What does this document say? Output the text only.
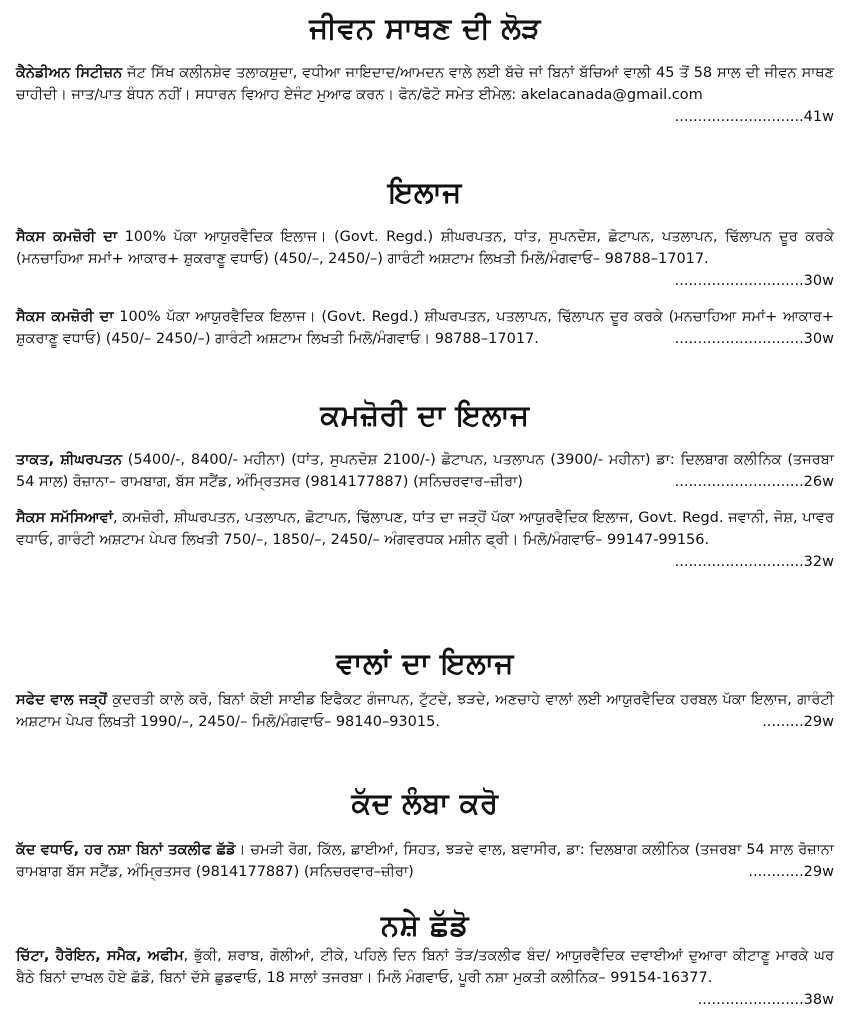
ਜੀਵਨ ਸਾਥਣ ਦੀ ਲੋੜ

ਕੈਨੇਡੀਅਨ ਸਿਟੀਜ਼ਨ ਜੱਟ ਸਿੱਖ ਕਲੀਨਸ਼ੇਵ ਤਲਾਕਸ਼ੁਦਾ, ਵਧੀਆ ਜਾਇਦਾਦ/ਆਮਦਨ ਵਾਲੇ ਲਈ ਬੱਚੇ ਜਾਂ ਬਿਨਾਂ ਬੱਚਿਆਂ ਵਾਲੀ 45 ਤੋਂ 58 ਸਾਲ ਦੀ ਜੀਵਨ ਸਾਥਣ ਚਾਹੀਦੀ। ਜਾਤ/ਪਾਤ ਬੰਧਨ ਨਹੀਂ। ਸਧਾਰਨ ਵਿਆਹ ਏਜੰਟ ਮੁਆਫ ਕਰਨ। ਫੋਨ/ਫੋਟੋ ਸਮੇਤ ਈਮੇਲ: akelacanada@gmail.com
............................41w

ਇਲਾਜ

ਸੈਕਸ ਕਮਜ਼ੋਰੀ ਦਾ 100% ਪੱਕਾ ਆਯੁਰਵੈਦਿਕ ਇਲਾਜ। (Govt. Regd.) ਸ਼ੀਘਰਪਤਨ, ਧਾਂਤ, ਸੁਪਨਦੋਸ਼, ਛੋਟਾਪਨ, ਪਤਲਾਪਨ, ਢਿੱਲਾਪਨ ਦੂਰ ਕਰਕੇ (ਮਨਚਾਹਿਆ ਸਮਾਂ+ ਆਕਾਰ+ ਸ਼ੁਕਰਾਣੂ ਵਧਾਓ) (450/–, 2450/–) ਗਾਰੰਟੀ ਅਸ਼ਟਾਮ ਲਿਖਤੀ ਮਿਲੋ/ਮੰਗਵਾਓ– 98788–17017.
............................30w

ਸੈਕਸ ਕਮਜ਼ੋਰੀ ਦਾ 100% ਪੱਕਾ ਆਯੁਰਵੈਦਿਕ ਇਲਾਜ। (Govt. Regd.) ਸ਼ੀਘਰਪਤਨ, ਪਤਲਾਪਨ, ਢਿੱਲਾਪਨ ਦੂਰ ਕਰਕੇ (ਮਨਚਾਹਿਆ ਸਮਾਂ+ ਆਕਾਰ+ ਸ਼ੁਕਰਾਣੂ ਵਧਾਓ) (450/– 2450/–) ਗਾਰੰਟੀ ਅਸ਼ਟਾਮ ਲਿਖਤੀ ਮਿਲੋ/ਮੰਗਵਾਓ। 98788–17017.	............................30w

ਕਮਜ਼ੋਰੀ ਦਾ ਇਲਾਜ

ਤਾਕਤ, ਸ਼ੀਘਰਪਤਨ (5400/-, 8400/- ਮਹੀਨਾ) (ਧਾਂਤ, ਸੁਪਨਦੋਸ਼ 2100/-) ਛੋਟਾਪਨ, ਪਤਲਾਪਨ (3900/- ਮਹੀਨਾ) ਡਾ: ਦਿਲਬਾਗ ਕਲੀਨਿਕ (ਤਜਰਬਾ 54 ਸਾਲ) ਰੋਜ਼ਾਨਾ– ਰਾਮਬਾਗ, ਬੱਸ ਸਟੈਂਡ, ਅੰਮ੍ਰਿਤਸਰ (9814177887) (ਸਨਿਚਰਵਾਰ–ਜ਼ੀਰਾ)	............................26w

ਸੈਕਸ ਸਮੱਸਿਆਵਾਂ, ਕਮਜ਼ੋਰੀ, ਸ਼ੀਘਰਪਤਨ, ਪਤਲਾਪਨ, ਛੋਟਾਪਨ, ਢਿੱਲਾਪਣ, ਧਾਂਤ ਦਾ ਜੜ੍ਹੋਂ ਪੱਕਾ ਆਯੁਰਵੈਦਿਕ ਇਲਾਜ, Govt. Regd. ਜਵਾਨੀ, ਜੋਸ਼, ਪਾਵਰ ਵਧਾਓ, ਗਾਰੰਟੀ ਅਸ਼ਟਾਮ ਪੇਪਰ ਲਿਖਤੀ 750/–, 1850/–, 2450/– ਅੰਗਵਰਧਕ ਮਸ਼ੀਨ ਫ੍ਰੀ। ਮਿਲੋ/ਮੰਗਵਾਓ– 99147-99156.
............................32w

ਵਾਲਾਂ ਦਾ ਇਲਾਜ

ਸਫੇਦ ਵਾਲ ਜੜ੍ਹੋਂ ਕੁਦਰਤੀ ਕਾਲੇ ਕਰੋ, ਬਿਨਾਂ ਕੋਈ ਸਾਈਡ ਇਫੈਕਟ ਗੰਜਾਪਨ, ਟੁੱਟਦੇ, ਝੜਦੇ, ਅਣਚਾਹੇ ਵਾਲਾਂ ਲਈ ਆਯੁਰਵੈਦਿਕ ਹਰਬਲ ਪੱਕਾ ਇਲਾਜ, ਗਾਰੰਟੀ ਅਸ਼ਟਾਮ ਪੇਪਰ ਲਿਖਤੀ 1990/–, 2450/– ਮਿਲੋ/ਮੰਗਵਾਓ– 98140–93015.	.........29w

ਕੱਦ ਲੰਬਾ ਕਰੋ

ਕੱਦ ਵਧਾਓ, ਹਰ ਨਸ਼ਾ ਬਿਨਾਂ ਤਕਲੀਫ ਛੱਡੋ। ਚਮੜੀ ਰੋਗ, ਕਿੱਲ, ਛਾਈਆਂ, ਸਿਹਤ, ਝੜਦੇ ਵਾਲ, ਬਵਾਸੀਰ, ਡਾ: ਦਿਲਬਾਗ ਕਲੀਨਿਕ (ਤਜਰਬਾ 54 ਸਾਲ ਰੋਜ਼ਾਨਾ ਰਾਮਬਾਗ ਬੱਸ ਸਟੈਂਡ, ਅੰਮ੍ਰਿਤਸਰ (9814177887) (ਸਨਿਚਰਵਾਰ–ਜ਼ੀਰਾ)	............29w

ਨਸ਼ੇ ਛੱਡੋ

ਚਿੱਟਾ, ਹੈਰੋਇਨ, ਸਮੈਕ, ਅਫੀਮ, ਭੁੱਕੀ, ਸ਼ਰਾਬ, ਗੋਲੀਆਂ, ਟੀਕੇ, ਪਹਿਲੇ ਦਿਨ ਬਿਨਾਂ ਤੋੜ/ਤਕਲੀਫ ਬੰਦ/ ਆਯੁਰਵੈਦਿਕ ਦਵਾਈਆਂ ਦੁਆਰਾ ਕੀਟਾਣੂ ਮਾਰਕੇ ਘਰ ਬੈਠੇ ਬਿਨਾਂ ਦਾਖਲ ਹੋਏ ਛੱਡੋ, ਬਿਨਾਂ ਦੱਸੇ ਛੁਡਵਾਓ, 18 ਸਾਲਾਂ ਤਜਰਬਾ। ਮਿਲੋ ਮੰਗਵਾਓ, ਪੂਰੀ ਨਸ਼ਾ ਮੁਕਤੀ ਕਲੀਨਿਕ– 99154-16377.
.......................38w
